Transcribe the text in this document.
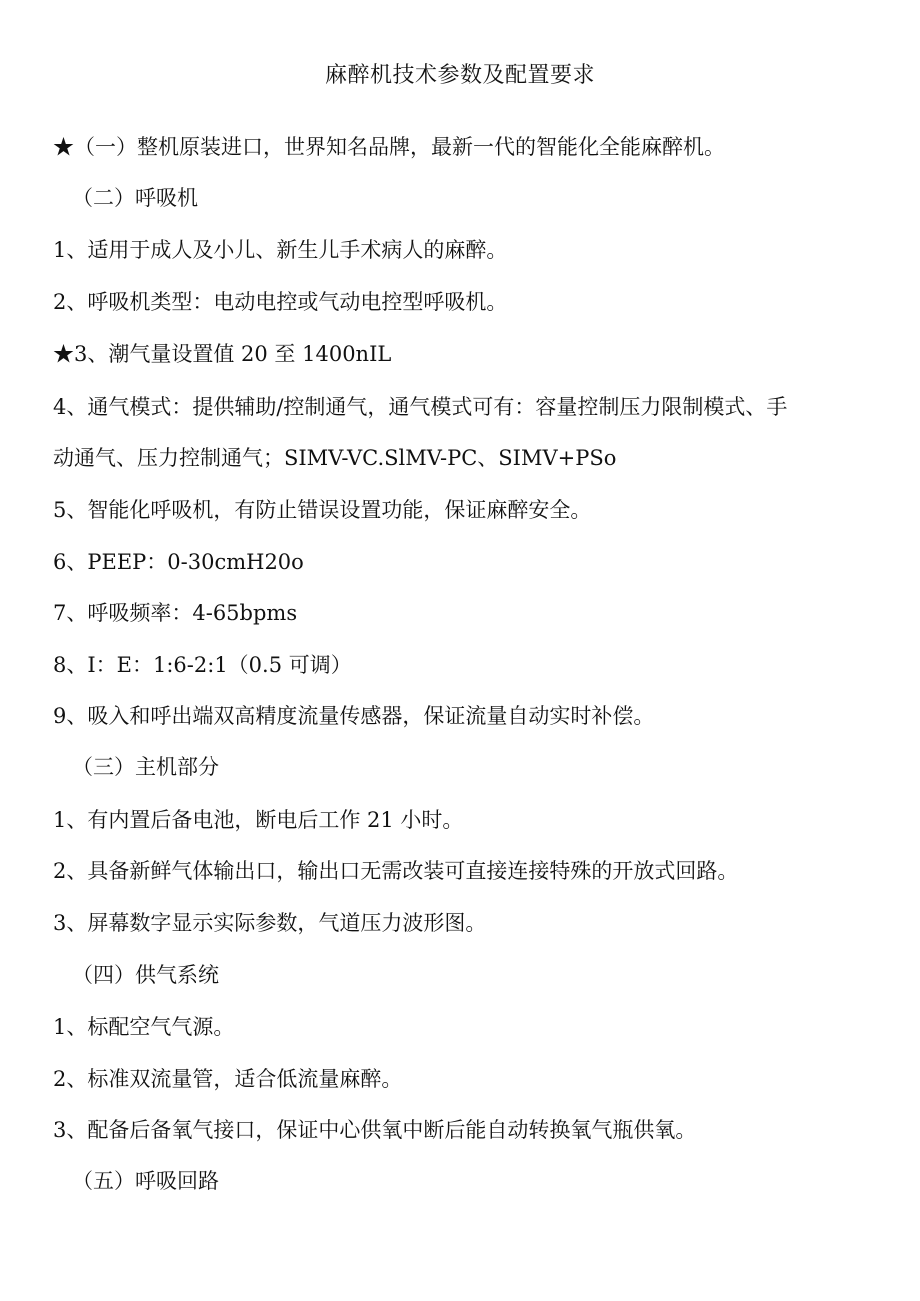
麻醉机技术参数及配置要求
★（一）整机原装进口，世界知名品牌，最新一代的智能化全能麻醉机。
（二）呼吸机
1、适用于成人及小儿、新生儿手术病人的麻醉。
2、呼吸机类型：电动电控或气动电控型呼吸机。
★3、潮气量设置值 20 至 1400nIL
4、通气模式：提供辅助/控制通气，通气模式可有：容量控制压力限制模式、手
动通气、压力控制通气；SIMV-VC.SlMV-PC、SIMV+PSo
5、智能化呼吸机，有防止错误设置功能，保证麻醉安全。
6、PEEP：0-30cmH20o
7、呼吸频率：4-65bpms
8、I：E：1:6-2:1（0.5 可调）
9、吸入和呼出端双高精度流量传感器，保证流量自动实时补偿。
（三）主机部分
1、有内置后备电池，断电后工作 21 小时。
2、具备新鲜气体输出口，输出口无需改装可直接连接特殊的开放式回路。
3、屏幕数字显示实际参数，气道压力波形图。
（四）供气系统
1、标配空气气源。
2、标准双流量管，适合低流量麻醉。
3、配备后备氧气接口，保证中心供氧中断后能自动转换氧气瓶供氧。
（五）呼吸回路
